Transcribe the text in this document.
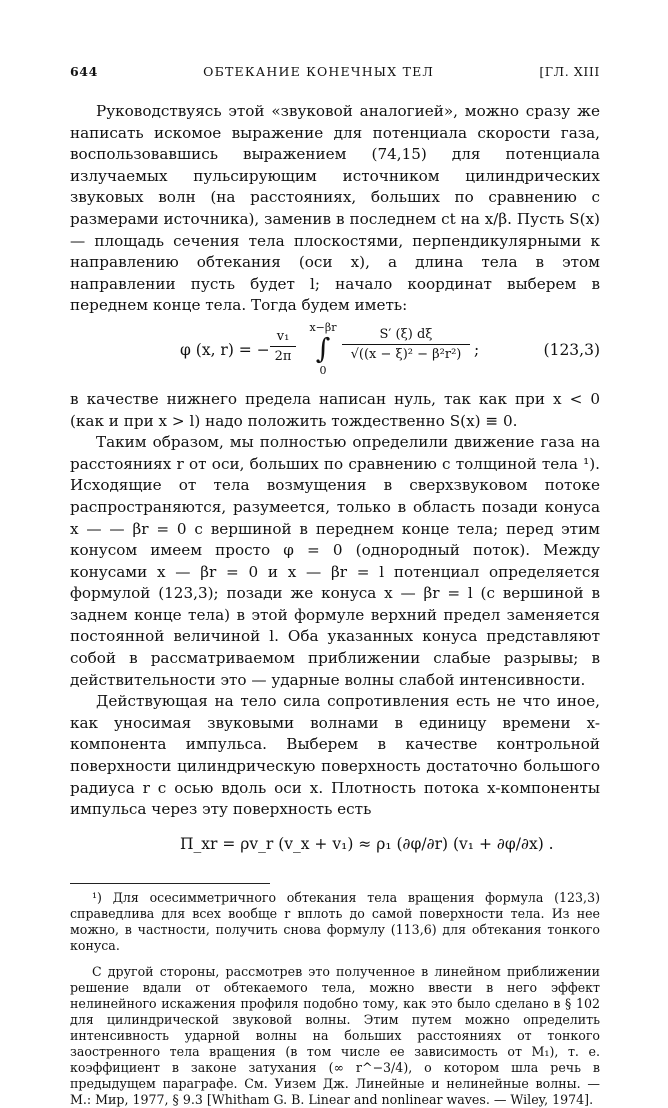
644	ОБТЕКАНИЕ КОНЕЧНЫХ ТЕЛ	[ГЛ. XIII

Руководствуясь этой «звуковой аналогией», можно сразу же написать искомое выражение для потенциала скорости газа, воспользовавшись выражением (74,15) для потенциала излучаемых пульсирующим источником цилиндрических звуковых волн (на расстояниях, больших по сравнению с размерами источника), заменив в последнем ct на x/β. Пусть S(x) — площадь сечения тела плоскостями, перпендикулярными к направлению обтекания (оси x), а длина тела в этом направлении пусть будет l; начало координат выберем в переднем конце тела. Тогда будем иметь:

φ (x, r) = −
v₁
2π
x−βr
∫
0
S′ (ξ) dξ
√((x − ξ)² − β²r²) ;	(123,3)

в качестве нижнего предела написан нуль, так как при x < 0 (как и при x > l) надо положить тождественно S(x) ≡ 0.

Таким образом, мы полностью определили движение газа на расстояниях r от оси, больших по сравнению с толщиной тела ¹). Исходящие от тела возмущения в сверхзвуковом потоке распространяются, разумеется, только в область позади конуса x — — βr = 0 с вершиной в переднем конце тела; перед этим конусом имеем просто φ = 0 (однородный поток). Между конусами x — βr = 0 и x — βr = l потенциал определяется формулой (123,3); позади же конуса x — βr = l (с вершиной в заднем конце тела) в этой формуле верхний предел заменяется постоянной величиной l. Оба указанных конуса представляют собой в рассматриваемом приближении слабые разрывы; в действительности это — ударные волны слабой интенсивности.

Действующая на тело сила сопротивления есть не что иное, как уносимая звуковыми волнами в единицу времени x-компонента импульса. Выберем в качестве контрольной поверхности цилиндрическую поверхность достаточно большого радиуса r с осью вдоль оси x. Плотность потока x-компоненты импульса через эту поверхность есть

Π_xr = ρv_r (v_x + v₁) ≈ ρ₁ (∂φ/∂r) (v₁ + ∂φ/∂x) .
¹) Для осесимметричного обтекания тела вращения формула (123,3) справедлива для всех вообще r вплоть до самой поверхности тела. Из нее можно, в частности, получить снова формулу (113,6) для обтекания тонкого конуса.
С другой стороны, рассмотрев это полученное в линейном приближении решение вдали от обтекаемого тела, можно ввести в него эффект нелинейного искажения профиля подобно тому, как это было сделано в § 102 для цилиндрической звуковой волны. Этим путем можно определить интенсивность ударной волны на больших расстояниях от тонкого заостренного тела вращения (в том числе ее зависимость от M₁), т. е. коэффициент в законе затухания (∞ r^−3/4), о котором шла речь в предыдущем параграфе. См. Уизем Дж. Линейные и нелинейные волны. — М.: Мир, 1977, § 9.3 [Whitham G. B. Linear and nonlinear waves. — Wiley, 1974].
